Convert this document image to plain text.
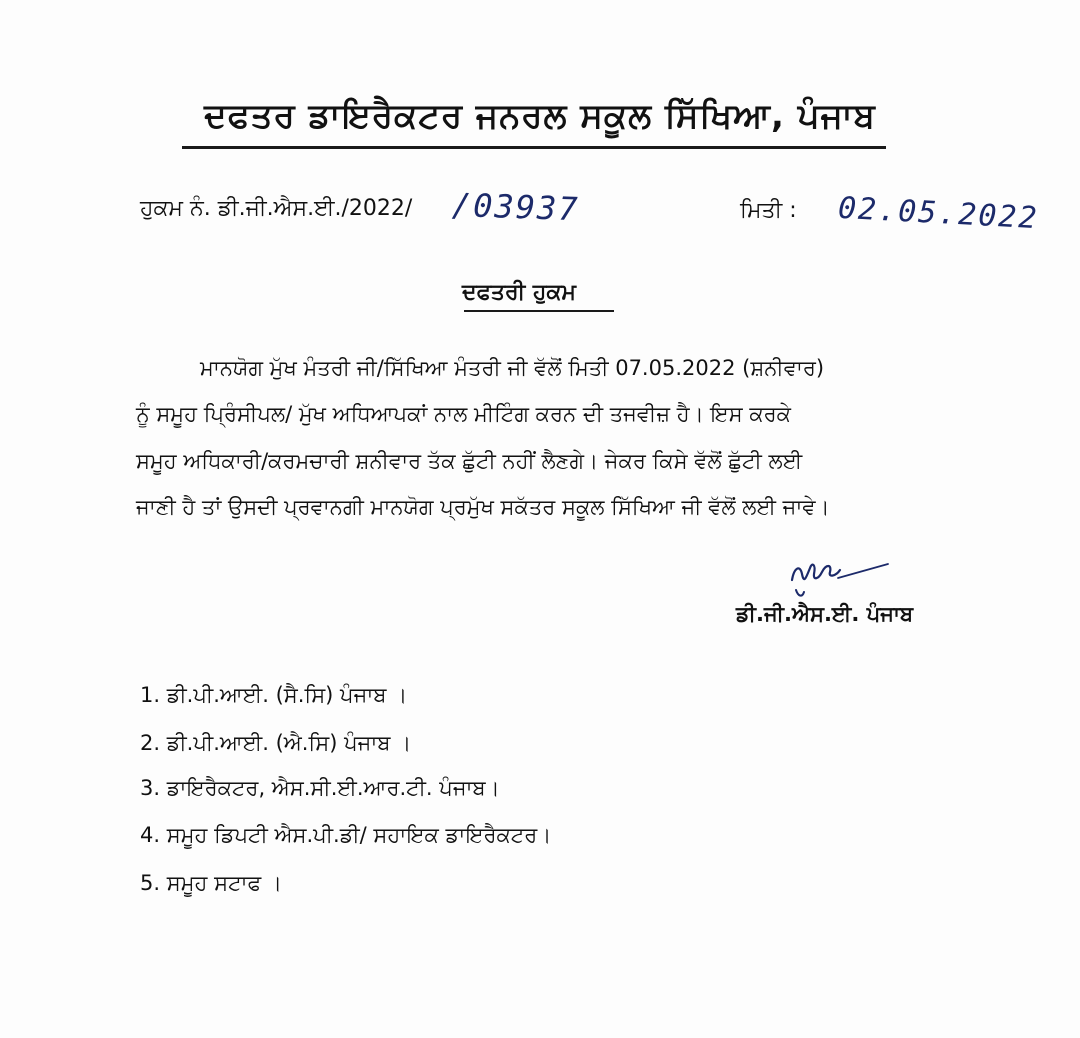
ਦਫਤਰ ਡਾਇਰੈਕਟਰ ਜਨਰਲ ਸਕੂਲ ਸਿੱਖਿਆ, ਪੰਜਾਬ
ਹੁਕਮ ਨੰ. ਡੀ.ਜੀ.ਐਸ.ਈ./2022/ /03937	ਮਿਤੀ : 02.05.2022
ਦਫਤਰੀ ਹੁਕਮ
ਮਾਨਯੋਗ ਮੁੱਖ ਮੰਤਰੀ ਜੀ/ਸਿੱਖਿਆ ਮੰਤਰੀ ਜੀ ਵੱਲੋਂ ਮਿਤੀ 07.05.2022 (ਸ਼ਨੀਵਾਰ)
ਨੂੰ ਸਮੂਹ ਪ੍ਰਿੰਸੀਪਲ/ ਮੁੱਖ ਅਧਿਆਪਕਾਂ ਨਾਲ ਮੀਟਿੰਗ ਕਰਨ ਦੀ ਤਜਵੀਜ਼ ਹੈ। ਇਸ ਕਰਕੇ
ਸਮੂਹ ਅਧਿਕਾਰੀ/ਕਰਮਚਾਰੀ ਸ਼ਨੀਵਾਰ ਤੱਕ ਛੁੱਟੀ ਨਹੀਂ ਲੈਣਗੇ। ਜੇਕਰ ਕਿਸੇ ਵੱਲੋਂ ਛੁੱਟੀ ਲਈ
ਜਾਣੀ ਹੈ ਤਾਂ ਉਸਦੀ ਪ੍ਰਵਾਨਗੀ ਮਾਨਯੋਗ ਪ੍ਰਮੁੱਖ ਸਕੱਤਰ ਸਕੂਲ ਸਿੱਖਿਆ ਜੀ ਵੱਲੋਂ ਲਈ ਜਾਵੇ।
ਡੀ.ਜੀ.ਐਸ.ਈ. ਪੰਜਾਬ
1. ਡੀ.ਪੀ.ਆਈ. (ਸੈ.ਸਿ) ਪੰਜਾਬ ।
2. ਡੀ.ਪੀ.ਆਈ. (ਐ.ਸਿ) ਪੰਜਾਬ ।
3. ਡਾਇਰੈਕਟਰ, ਐਸ.ਸੀ.ਈ.ਆਰ.ਟੀ. ਪੰਜਾਬ।
4. ਸਮੂਹ ਡਿਪਟੀ ਐਸ.ਪੀ.ਡੀ/ ਸਹਾਇਕ ਡਾਇਰੈਕਟਰ।
5. ਸਮੂਹ ਸਟਾਫ ।
